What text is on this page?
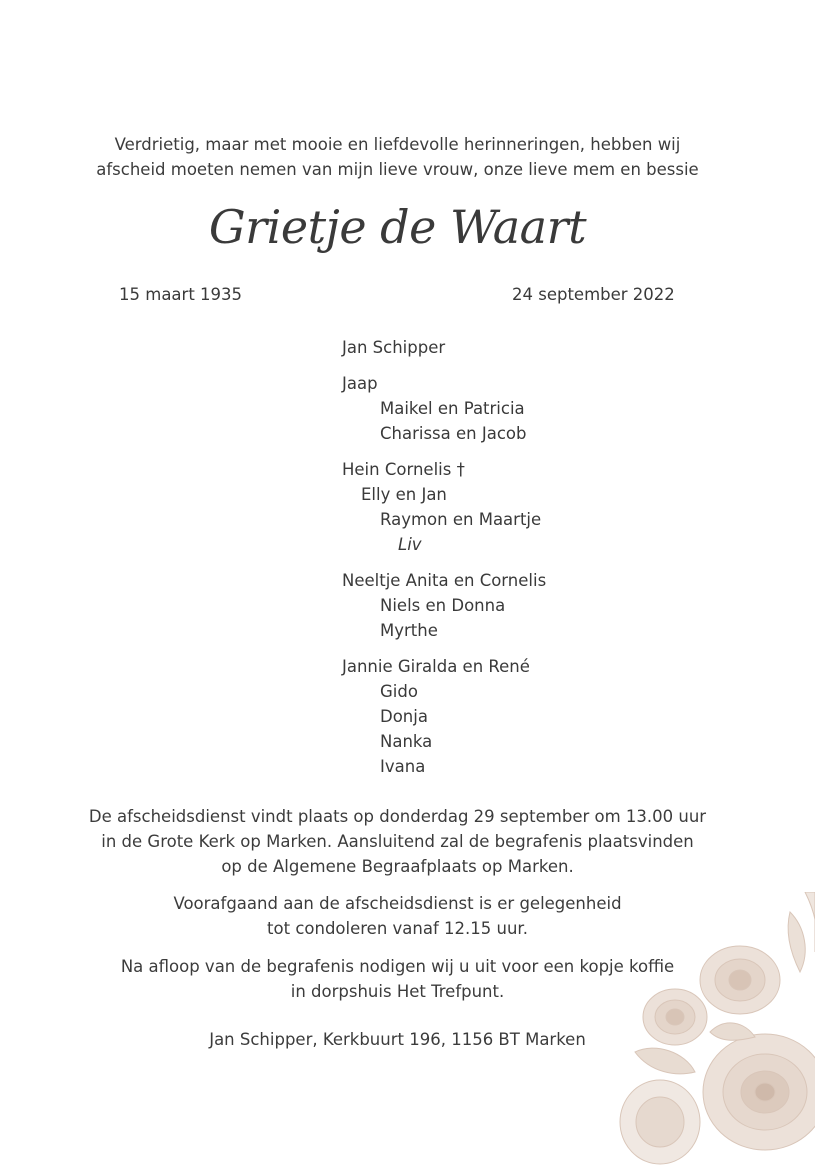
Verdrietig, maar met mooie en liefdevolle herinneringen, hebben wij
afscheid moeten nemen van mijn lieve vrouw, onze lieve mem en bessie
Grietje de Waart
15 maart 1935	24 september 2022
Jan Schipper
Jaap
Maikel en Patricia
Charissa en Jacob
Hein Cornelis †
Elly en Jan
Raymon en Maartje
Liv
Neeltje Anita en Cornelis
Niels en Donna
Myrthe
Jannie Giralda en René
Gido
Donja
Nanka
Ivana
De afscheidsdienst vindt plaats op donderdag 29 september om 13.00 uur
in de Grote Kerk op Marken. Aansluitend zal de begrafenis plaatsvinden
op de Algemene Begraafplaats op Marken.
Voorafgaand aan de afscheidsdienst is er gelegenheid
tot condoleren vanaf 12.15 uur.
Na afloop van de begrafenis nodigen wij u uit voor een kopje koffie
in dorpshuis Het Trefpunt.
Jan Schipper, Kerkbuurt 196, 1156 BT Marken
